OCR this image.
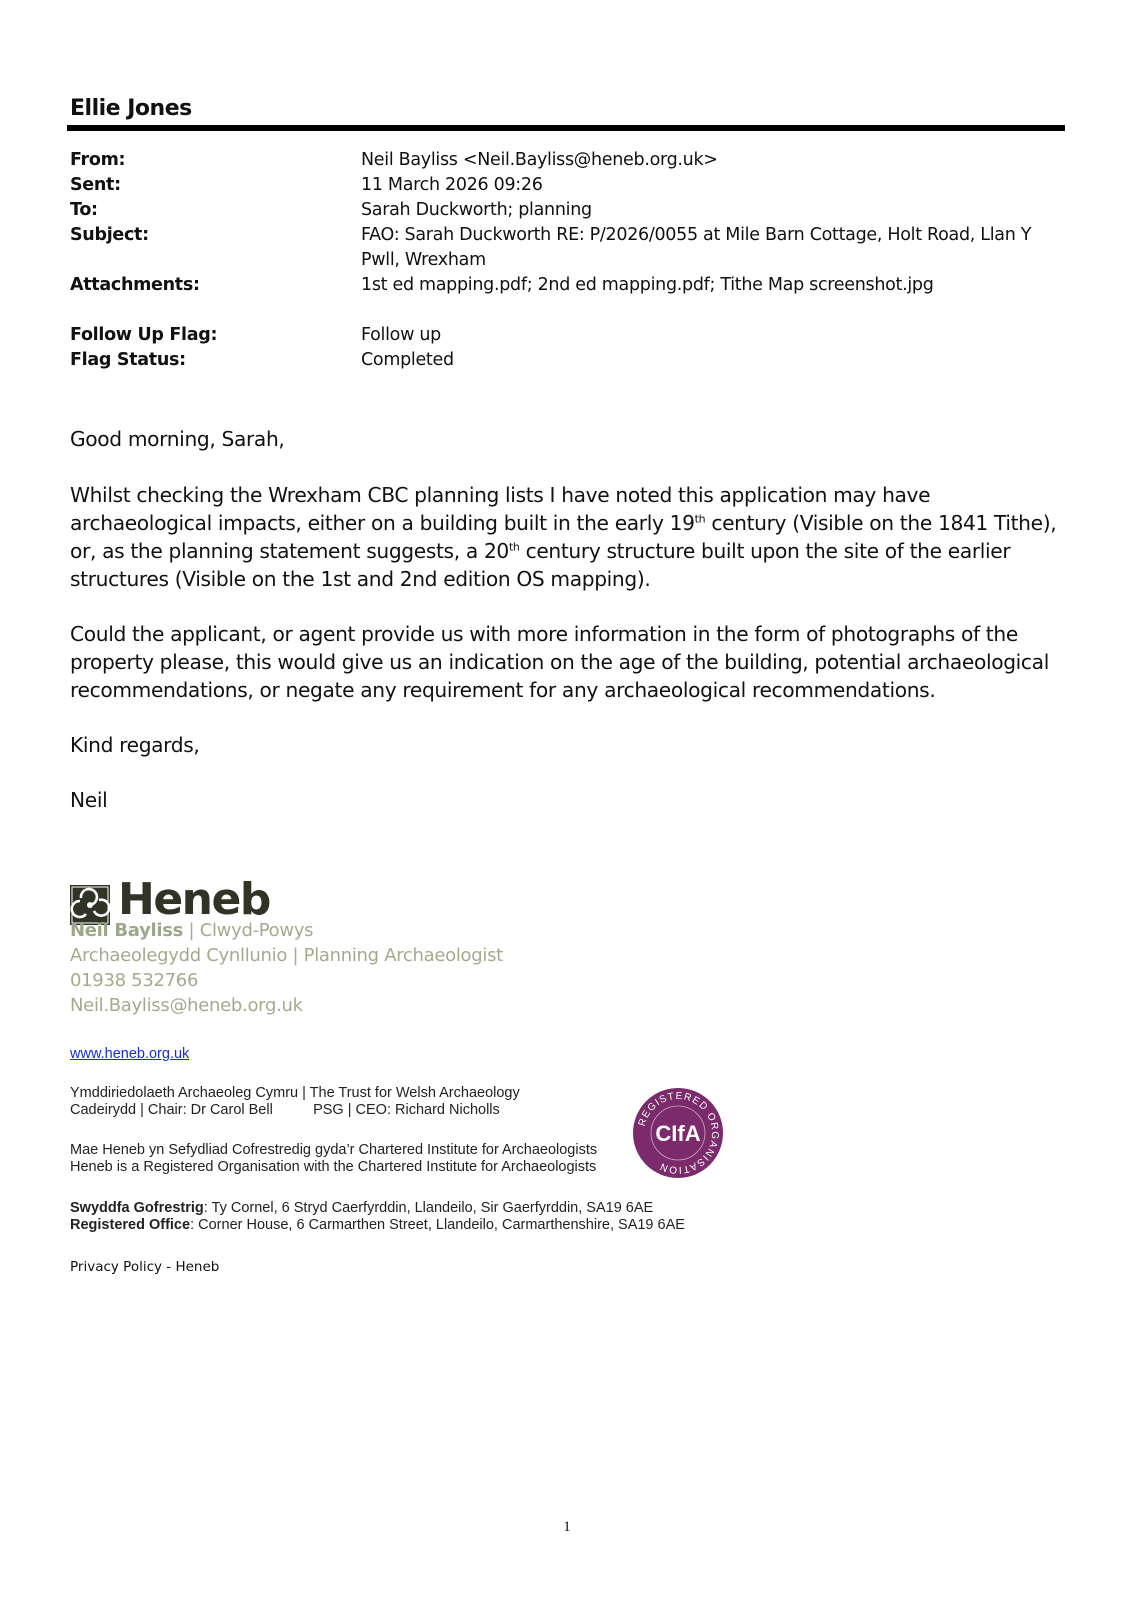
Ellie Jones
From:	Neil Bayliss <Neil.Bayliss@heneb.org.uk>
Sent:	11 March 2026 09:26
To:	Sarah Duckworth; planning
Subject:	FAO: Sarah Duckworth RE: P/2026/0055 at Mile Barn Cottage, Holt Road, Llan Y
Pwll, Wrexham
Attachments:	1st ed mapping.pdf; 2nd ed mapping.pdf; Tithe Map screenshot.jpg
Follow Up Flag:	Follow up
Flag Status:	Completed
Good morning, Sarah,
Whilst checking the Wrexham CBC planning lists I have noted this application may have archaeological impacts, either on a building built in the early 19th century (Visible on the 1841 Tithe), or, as the planning statement suggests, a 20th century structure built upon the site of the earlier structures (Visible on the 1st and 2nd edition OS mapping).
Could the applicant, or agent provide us with more information in the form of photographs of the property please, this would give us an indication on the age of the building, potential archaeological recommendations, or negate any requirement for any archaeological recommendations.
Kind regards,
Neil
Heneb
Neil Bayliss | Clwyd-Powys
Archaeolegydd Cynllunio | Planning Archaeologist
01938 532766
Neil.Bayliss@heneb.org.uk
www.heneb.org.uk
Ymddiriedolaeth Archaeoleg Cymru | The Trust for Welsh Archaeology
Cadeirydd | Chair: Dr Carol Bell          PSG | CEO: Richard Nicholls
Mae Heneb yn Sefydliad Cofrestredig gyda’r Chartered Institute for Archaeologists
Heneb is a Registered Organisation with the Chartered Institute for Archaeologists
REGISTERED ORGANISATION
CIfA
Swyddfa Gofrestrig: Ty Cornel, 6 Stryd Caerfyrddin, Llandeilo, Sir Gaerfyrddin, SA19 6AE
Registered Office: Corner House, 6 Carmarthen Street, Llandeilo, Carmarthenshire, SA19 6AE
Privacy Policy - Heneb
1
